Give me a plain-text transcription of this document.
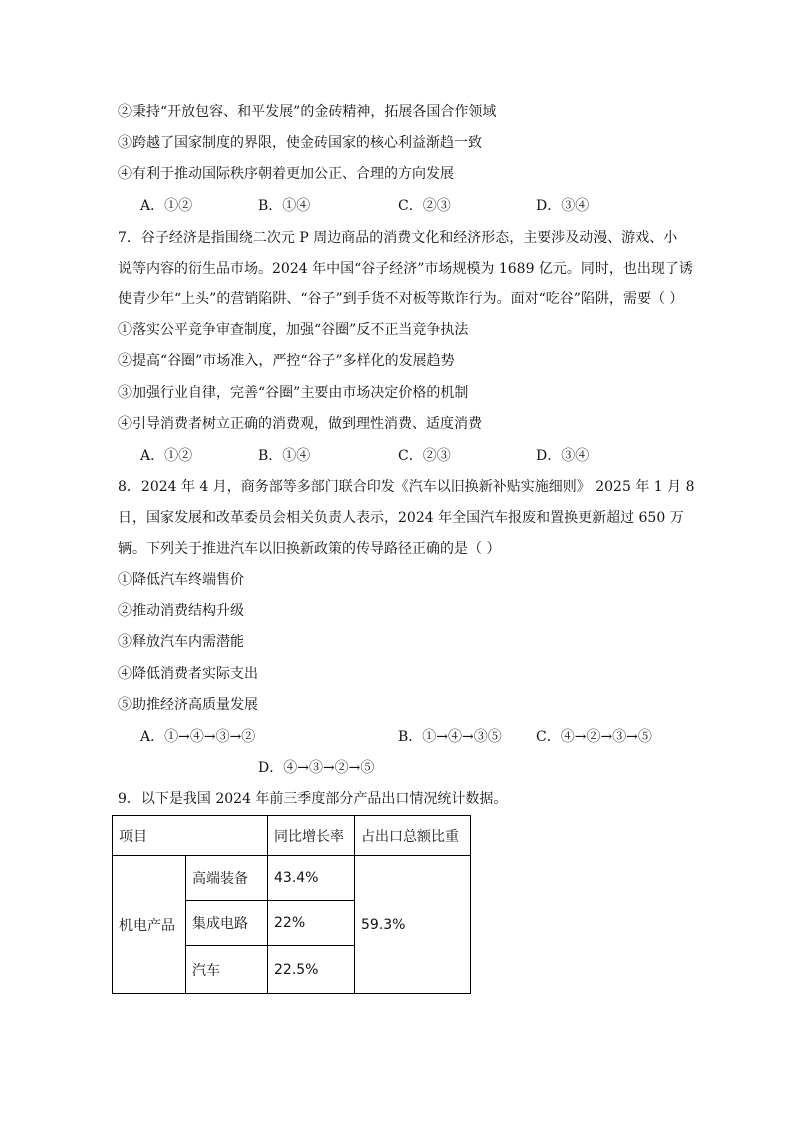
②秉持“开放包容、和平发展”的金砖精神，拓展各国合作领域
③跨越了国家制度的界限，使金砖国家的核心利益渐趋一致
④有利于推动国际秩序朝着更加公正、合理的方向发展
A．①②	B．①④	C．②③	D．③④
7．谷子经济是指围绕二次元 P 周边商品的消费文化和经济形态，主要涉及动漫、游戏、小
说等内容的衍生品市场。2024 年中国“谷子经济”市场规模为 1689 亿元。同时，也出现了诱
使青少年“上头”的营销陷阱、“谷子”到手货不对板等欺诈行为。面对“吃谷”陷阱，需要（ ）
①落实公平竞争审查制度，加强“谷圈”反不正当竞争执法
②提高“谷圈”市场准入，严控“谷子”多样化的发展趋势
③加强行业自律，完善“谷圈”主要由市场决定价格的机制
④引导消费者树立正确的消费观，做到理性消费、适度消费
A．①②	B．①④	C．②③	D．③④
8．2024 年 4 月，商务部等多部门联合印发《汽车以旧换新补贴实施细则》 2025 年 1 月 8
日，国家发展和改革委员会相关负责人表示，2024 年全国汽车报废和置换更新超过 650 万
辆。下列关于推进汽车以旧换新政策的传导路径正确的是（ ）
①降低汽车终端售价
②推动消费结构升级
③释放汽车内需潜能
④降低消费者实际支出
⑤助推经济高质量发展
A．①→④→③→②	B．①→④→③⑤ C．④→②→③→⑤
D．④→③→②→⑤
9．以下是我国 2024 年前三季度部分产品出口情况统计数据。
项目		同比增长率	占出口总额比重
机电产品	高端装备	43.4%	59.3%
	集成电路	22%	
	汽车	22.5%	
